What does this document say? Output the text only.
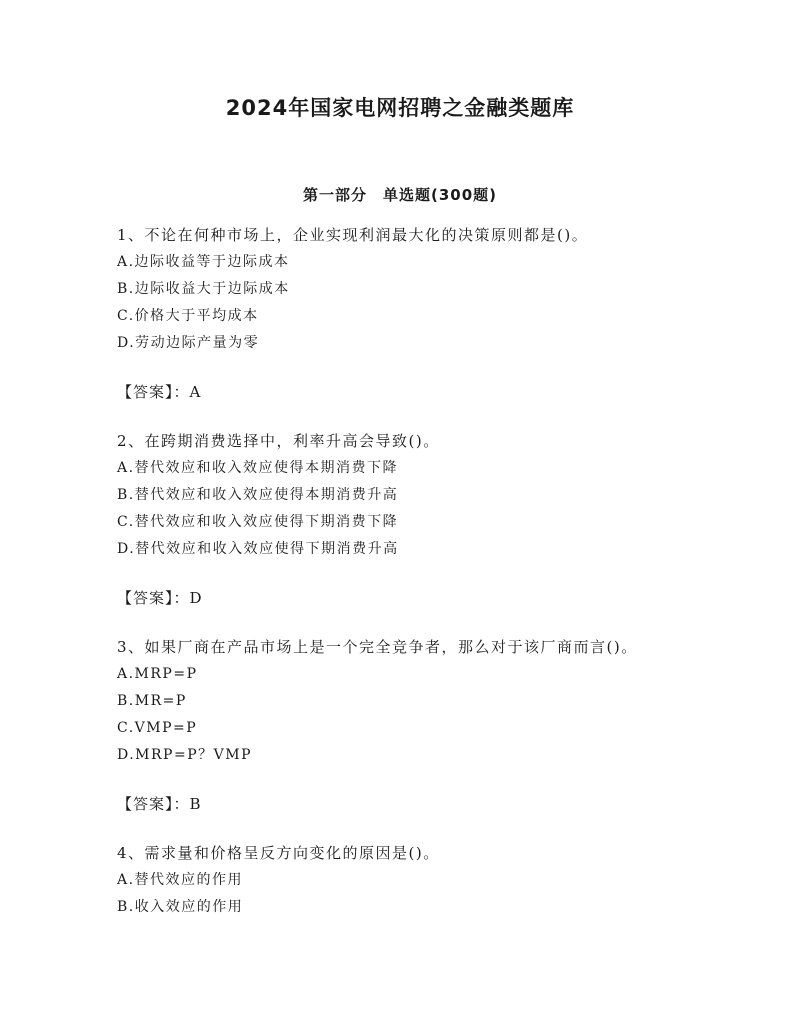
2024年国家电网招聘之金融类题库
第一部分　单选题(300题)

1、不论在何种市场上，企业实现利润最大化的决策原则都是()。

A.边际收益等于边际成本
B.边际收益大于边际成本
C.价格大于平均成本
D.劳动边际产量为零
【答案】：A

2、在跨期消费选择中，利率升高会导致()。

A.替代效应和收入效应使得本期消费下降
B.替代效应和收入效应使得本期消费升高
C.替代效应和收入效应使得下期消费下降
D.替代效应和收入效应使得下期消费升高
【答案】：D

3、如果厂商在产品市场上是一个完全竞争者，那么对于该厂商而言()。

A.MRP=P
B.MR=P
C.VMP=P
D.MRP=P？VMP
【答案】：B

4、需求量和价格呈反方向变化的原因是()。

A.替代效应的作用
B.收入效应的作用
